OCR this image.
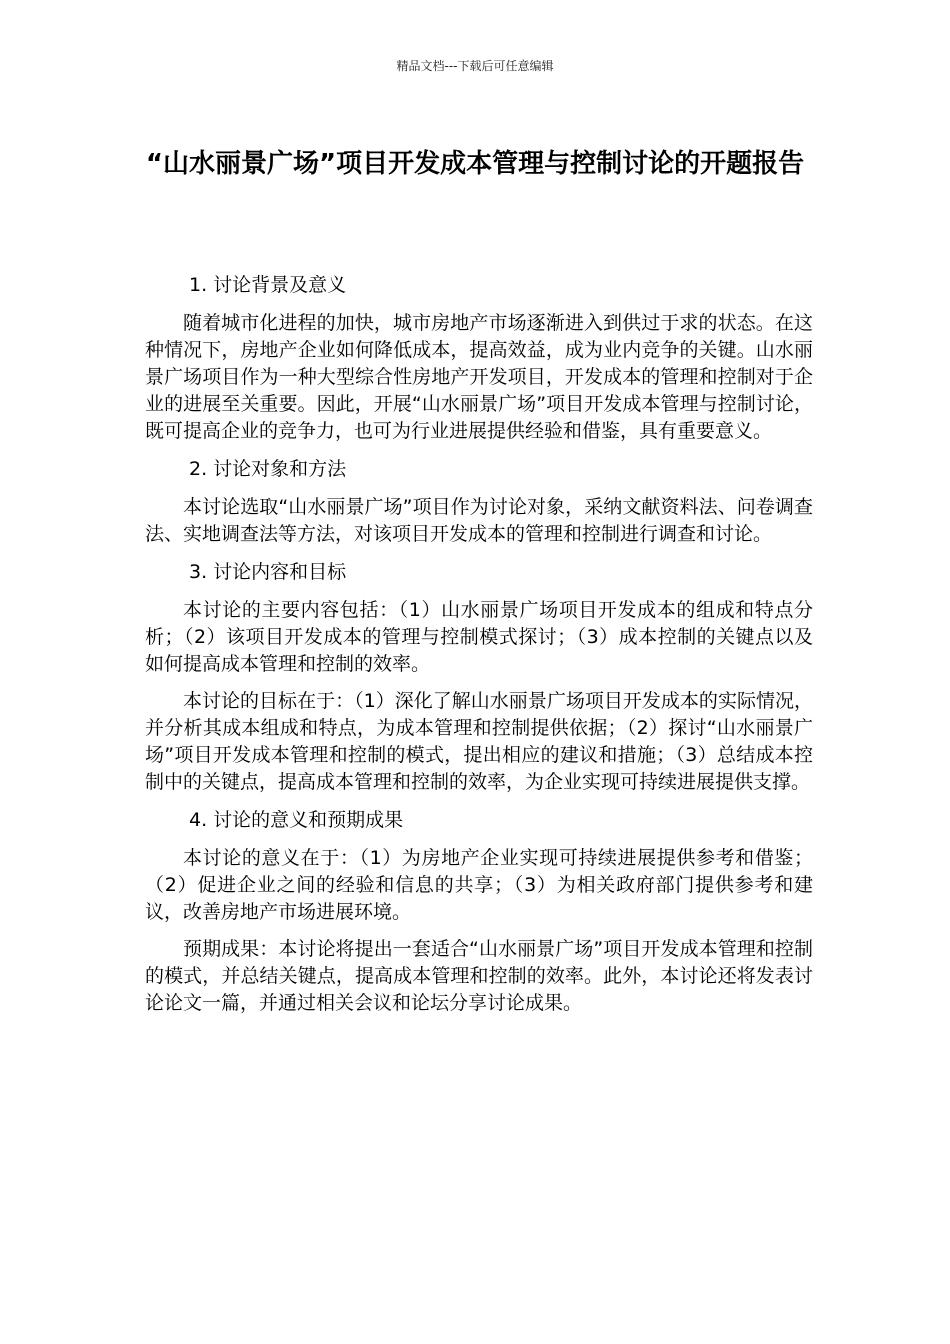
精品文档---下载后可任意编辑
“山水丽景广场”项目开发成本管理与控制讨论的开题报告
1. 讨论背景及意义

随着城市化进程的加快，城市房地产市场逐渐进入到供过于求的状态。在这种情况下，房地产企业如何降低成本，提高效益，成为业内竞争的关键。山水丽景广场项目作为一种大型综合性房地产开发项目，开发成本的管理和控制对于企业的进展至关重要。因此，开展“山水丽景广场”项目开发成本管理与控制讨论，既可提高企业的竞争力，也可为行业进展提供经验和借鉴，具有重要意义。

2. 讨论对象和方法

本讨论选取“山水丽景广场”项目作为讨论对象，采纳文献资料法、问卷调查法、实地调查法等方法，对该项目开发成本的管理和控制进行调查和讨论。

3. 讨论内容和目标

本讨论的主要内容包括：（1）山水丽景广场项目开发成本的组成和特点分析；（2）该项目开发成本的管理与控制模式探讨；（3）成本控制的关键点以及如何提高成本管理和控制的效率。

本讨论的目标在于：（1）深化了解山水丽景广场项目开发成本的实际情况，并分析其成本组成和特点，为成本管理和控制提供依据；（2）探讨“山水丽景广场”项目开发成本管理和控制的模式，提出相应的建议和措施；（3）总结成本控制中的关键点，提高成本管理和控制的效率，为企业实现可持续进展提供支撑。

4. 讨论的意义和预期成果

本讨论的意义在于：（1）为房地产企业实现可持续进展提供参考和借鉴；（2）促进企业之间的经验和信息的共享；（3）为相关政府部门提供参考和建议，改善房地产市场进展环境。

预期成果：本讨论将提出一套适合“山水丽景广场”项目开发成本管理和控制的模式，并总结关键点，提高成本管理和控制的效率。此外，本讨论还将发表讨论论文一篇，并通过相关会议和论坛分享讨论成果。
